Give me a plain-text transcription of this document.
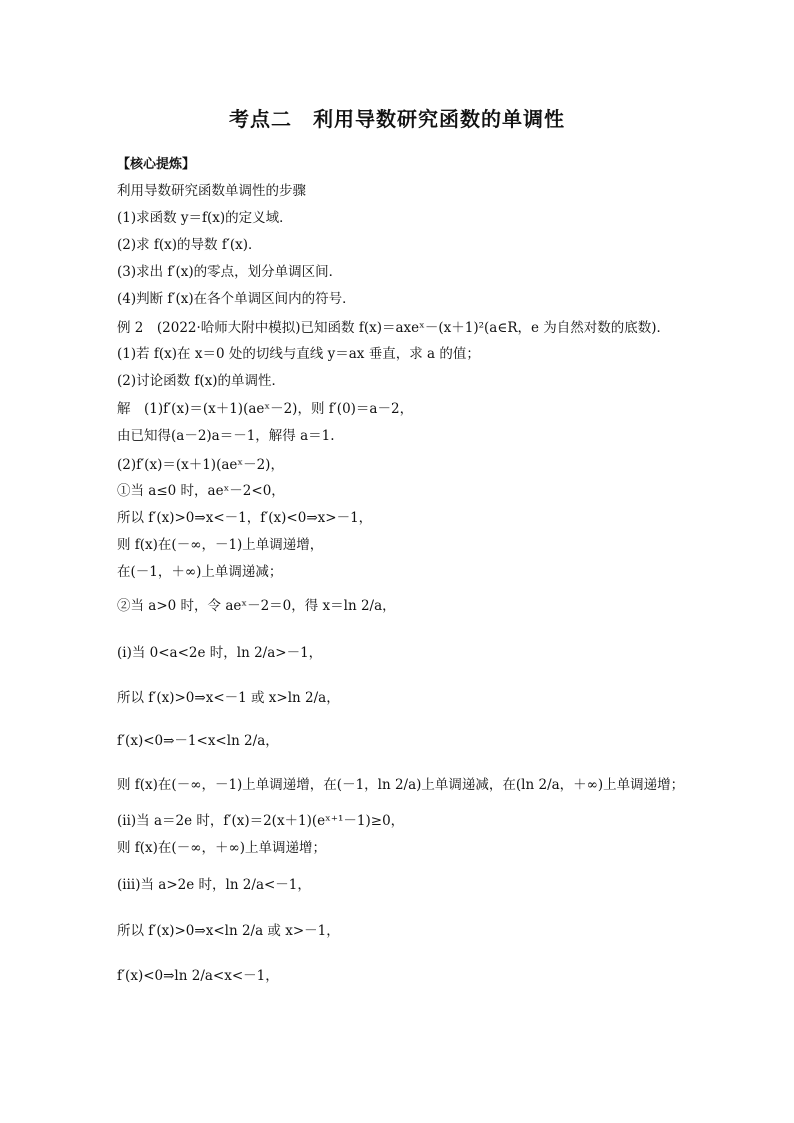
考点二　利用导数研究函数的单调性
【核心提炼】
利用导数研究函数单调性的步骤
(1)求函数 y＝f(x)的定义域．
(2)求 f(x)的导数 f′(x)．
(3)求出 f′(x)的零点，划分单调区间．
(4)判断 f′(x)在各个单调区间内的符号．
例 2　(2022·哈师大附中模拟)已知函数 f(x)＝axeˣ－(x＋1)²(a∈R，e 为自然对数的底数)．
(1)若 f(x)在 x＝0 处的切线与直线 y＝ax 垂直，求 a 的值；
(2)讨论函数 f(x)的单调性．
解　(1)f′(x)＝(x＋1)(aeˣ－2)，则 f′(0)＝a－2，
由已知得(a－2)a＝－1，解得 a＝1.
(2)f′(x)＝(x＋1)(aeˣ－2)，
①当 a≤0 时，aeˣ－2<0，
所以 f′(x)>0⇒x<－1，f′(x)<0⇒x>－1，
则 f(x)在(－∞，－1)上单调递增，
在(－1，＋∞)上单调递减；
②当 a>0 时，令 aeˣ－2＝0，得 x＝ln 2/a，
(ⅰ)当 0<a<2e 时，ln 2/a>－1，
所以 f′(x)>0⇒x<－1 或 x>ln 2/a，
f′(x)<0⇒－1<x<ln 2/a，
则 f(x)在(－∞，－1)上单调递增，在(－1，ln 2/a)上单调递减，在(ln 2/a，＋∞)上单调递增；
(ⅱ)当 a＝2e 时，f′(x)＝2(x＋1)(eˣ⁺¹－1)≥0，
则 f(x)在(－∞，＋∞)上单调递增；
(ⅲ)当 a>2e 时，ln 2/a<－1，
所以 f′(x)>0⇒x<ln 2/a 或 x>－1，
f′(x)<0⇒ln 2/a<x<－1，
